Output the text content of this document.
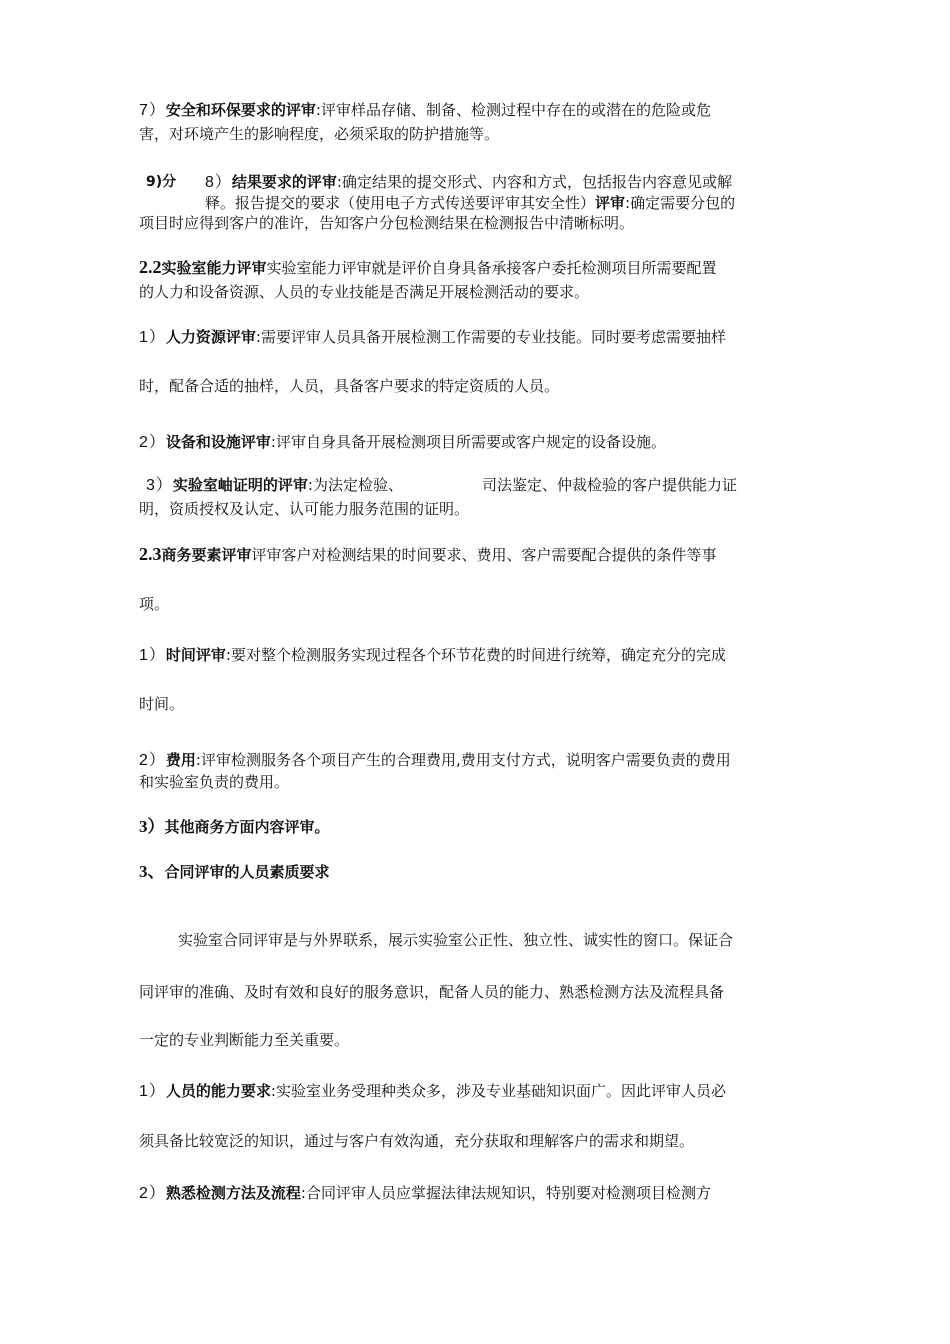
7）安全和环保要求的评审:评审样品存储、制备、检测过程中存在的或潜在的危险或危
害，对环境产生的影响程度，必须采取的防护措施等。
9)分 8）结果要求的评审:确定结果的提交形式、内容和方式，包括报告内容意见或解
释。报告提交的要求（使用电子方式传送要评审其安全性）评审:确定需要分包的
项目时应得到客户的准许，告知客户分包检测结果在检测报告中清晰标明。
2.2实验室能力评审实验室能力评审就是评价自身具备承接客户委托检测项目所需要配置
的人力和设备资源、人员的专业技能是否满足开展检测活动的要求。
1）人力资源评审:需要评审人员具备开展检测工作需要的专业技能。同时要考虑需要抽样
时，配备合适的抽样，人员，具备客户要求的特定资质的人员。
2）设备和设施评审:评审自身具备开展检测项目所需要或客户规定的设备设施。
3）实验室岫证明的评审:为法定检验、	司法鉴定、仲裁检验的客户提供能力证
明，资质授权及认定、认可能力服务范围的证明。
2.3商务要素评审评审客户对检测结果的时间要求、费用、客户需要配合提供的条件等事
项。
1）时间评审:要对整个检测服务实现过程各个环节花费的时间进行统筹，确定充分的完成
时间。
2）费用:评审检测服务各个项目产生的合理费用,费用支付方式，说明客户需要负责的费用
和实验室负责的费用。
3）其他商务方面内容评审。
3、合同评审的人员素质要求
实验室合同评审是与外界联系，展示实验室公正性、独立性、诚实性的窗口。保证合
同评审的准确、及时有效和良好的服务意识，配备人员的能力、熟悉检测方法及流程具备
一定的专业判断能力至关重要。
1）人员的能力要求:实验室业务受理种类众多，涉及专业基础知识面广。因此评审人员必
须具备比较宽泛的知识，通过与客户有效沟通，充分获取和理解客户的需求和期望。
2）熟悉检测方法及流程:合同评审人员应掌握法律法规知识，特别要对检测项目检测方
